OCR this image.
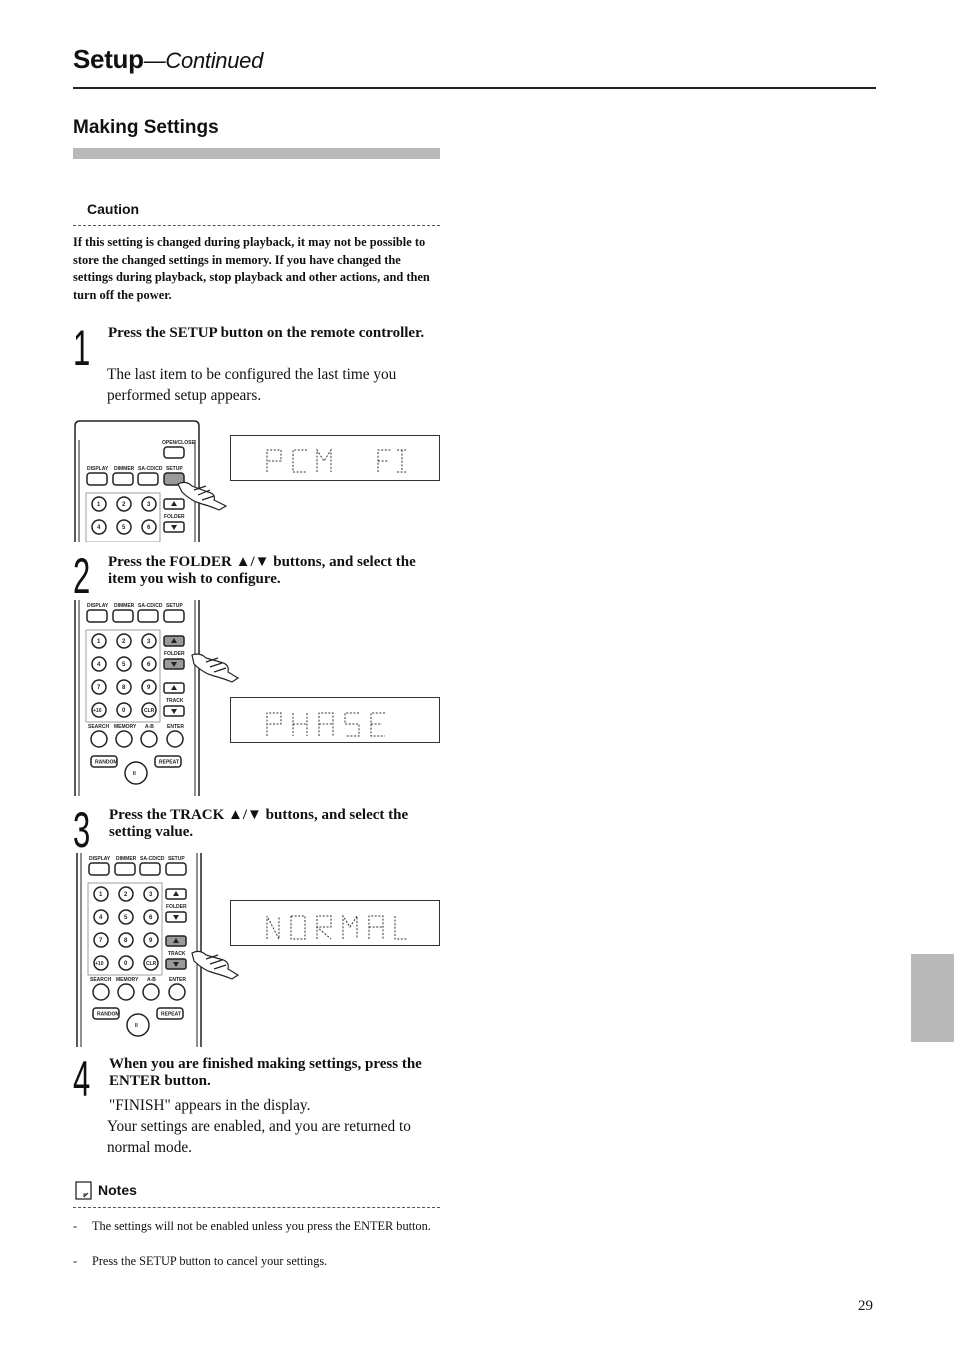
Setup—Continued
Making Settings
Caution
If this setting is changed during playback, it may not be possible to store the changed settings in memory. If you have changed the settings during playback, stop playback and other actions, and then turn off the power.
1 Press the SETUP button on the remote controller.
The last item to be configured the last time you performed setup appears.
OPEN/CLOSE
DISPLAY DIMMER SA-CD/CD SETUP
1	2	3
4	5	6
FOLDER
2 Press the FOLDER ▲/▼ buttons, and select the item you wish to configure.
DISPLAY DIMMER SA-CD/CD SETUP
1	2	3
4	5	6
7	8	9
+10	0	CLR
FOLDER
TRACK
SEARCH MEMORY A-B	ENTER
RANDOM	REPEAT
II
3 Press the TRACK ▲/▼ buttons, and select the setting value.
DISPLAY DIMMER SA-CD/CD SETUP
1	2	3
4	5	6
7	8	9
+10	0	CLR
FOLDER
TRACK
SEARCH MEMORY A-B	ENTER
RANDOM	REPEAT
II
4 When you are finished making settings, press the ENTER button.
"FINISH" appears in the display.
Your settings are enabled, and you are returned to normal mode.
Notes
- The settings will not be enabled unless you press the ENTER button.
- Press the SETUP button to cancel your settings.
29
